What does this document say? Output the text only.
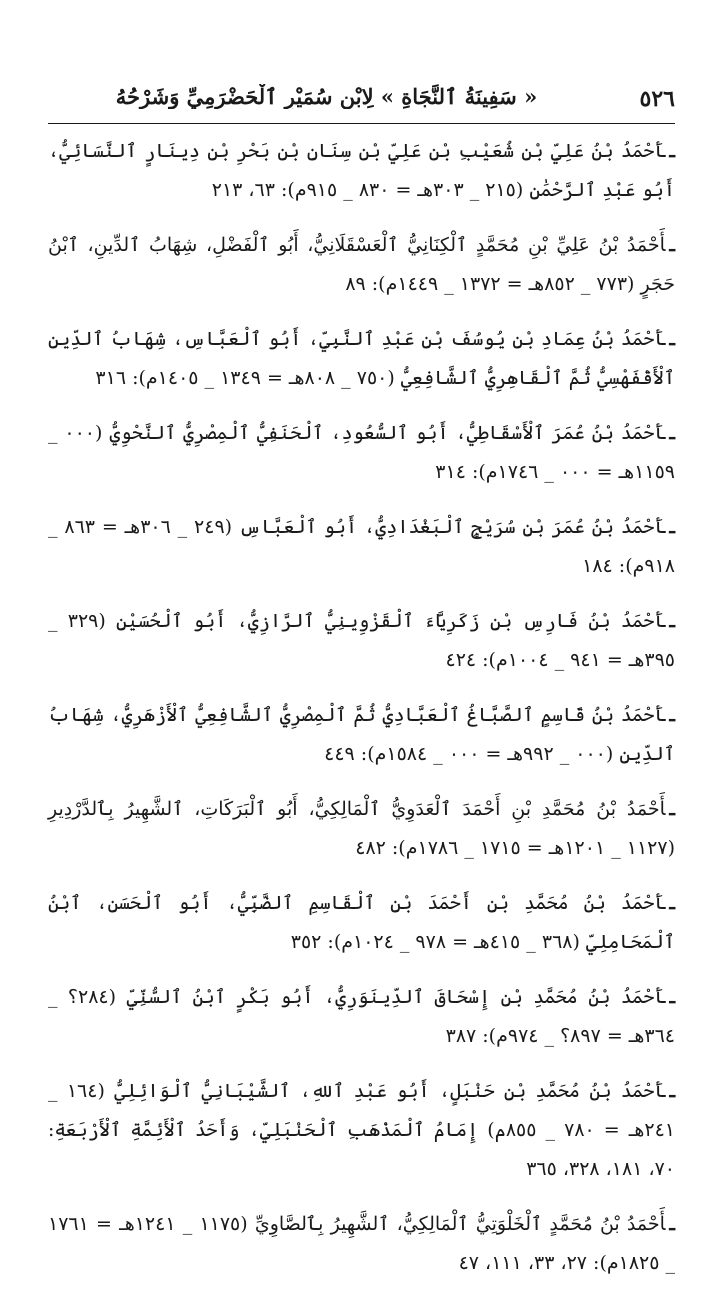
٥٢٦
« سَفِينَةُ ٱلنَّجَاةِ » لِابْنِ سُمَيْرٍ ٱلْحَضْرَمِيِّ وَشَرْحُهُ
ـأَحْمَدُ بْنُ عَلِيِّ بْنِ شُعَيْبِ بْنِ عَلِيِّ بْنِ سِنَانِ بْنِ بَحْرِ بْنِ دِينَارٍ ٱلنَّسَائِيُّ، أَبُو عَبْدِ ٱلرَّحْمَٰنِ (٢١٥ _ ٣٠٣هـ = ٨٣٠ _ ٩١٥م): ٦٣، ٢١٣
ـأَحْمَدُ بْنُ عَلِيِّ بْنِ مُحَمَّدٍ ٱلْكِنَانِيُّ ٱلْعَسْقَلَانِيُّ، أَبُو ٱلْفَضْلِ، شِهَابُ ٱلدِّينِ، ٱبْنُ حَجَرٍ (٧٧٣ _ ٨٥٢هـ = ١٣٧٢ _ ١٤٤٩م): ٨٩
ـأَحْمَدُ بْنُ عِمَادِ بْنِ يُوسُفَ بْنِ عَبْدِ ٱلنَّبِيِّ، أَبُو ٱلْعَبَّاسِ، شِهَابُ ٱلدِّينِ ٱلْأَقْفَهْسِيُّ ثُمَّ ٱلْقَاهِرِيُّ ٱلشَّافِعِيُّ (٧٥٠ _ ٨٠٨هـ = ١٣٤٩ _ ١٤٠٥م): ٣١٦
ـأَحْمَدُ بْنُ عُمَرَ ٱلْأَسْقَاطِيُّ، أَبُو ٱلسُّعُودِ، ٱلْحَنَفِيُّ ٱلْمِصْرِيُّ ٱلنَّحْوِيُّ (٠٠٠ _ ١١٥٩هـ = ٠٠٠ _ ١٧٤٦م): ٣١٤
ـأَحْمَدُ بْنُ عُمَرَ بْنِ سُرَيْجٍ ٱلْبَغْدَادِيُّ، أَبُو ٱلْعَبَّاسِ (٢٤٩ _ ٣٠٦هـ = ٨٦٣ _ ٩١٨م): ١٨٤
ـأَحْمَدُ بْنُ فَارِسِ بْنِ زَكَرِيَّاءَ ٱلْقَزْوِينِيُّ ٱلرَّازِيُّ، أَبُو ٱلْحُسَيْنِ (٣٢٩ _ ٣٩٥هـ = ٩٤١ _ ١٠٠٤م): ٤٢٤
ـأَحْمَدُ بْنُ قَاسِمٍ ٱلصَّبَّاغُ ٱلْعَبَّادِيُّ ثُمَّ ٱلْمِصْرِيُّ ٱلشَّافِعِيُّ ٱلْأَزْهَرِيُّ، شِهَابُ ٱلدِّينِ (٠٠٠ _ ٩٩٢هـ = ٠٠٠ _ ١٥٨٤م): ٤٤٩
ـأَحْمَدُ بْنُ مُحَمَّدِ بْنِ أَحْمَدَ ٱلْعَدَوِيُّ ٱلْمَالِكِيُّ، أَبُو ٱلْبَرَكَاتِ، ٱلشَّهِيرُ بِٱلدَّرْدِيرِ (١١٢٧ _ ١٢٠١هـ = ١٧١٥ _ ١٧٨٦م): ٤٨٢
ـأَحْمَدُ بْنُ مُحَمَّدِ بْنِ أَحْمَدَ بْنِ ٱلْقَاسِمِ ٱلضَّبِّيُّ، أَبُو ٱلْحَسَنِ، ٱبْنُ ٱلْمَحَامِلِيِّ (٣٦٨ _ ٤١٥هـ = ٩٧٨ _ ١٠٢٤م): ٣٥٢
ـأَحْمَدُ بْنُ مُحَمَّدِ بْنِ إِسْحَاقَ ٱلدِّينَوَرِيُّ، أَبُو بَكْرٍ ٱبْنُ ٱلسُّنِّيِّ (٢٨٤؟ _ ٣٦٤هـ = ٨٩٧؟ _ ٩٧٤م): ٣٨٧
ـأَحْمَدُ بْنُ مُحَمَّدِ بْنِ حَنْبَلٍ، أَبُو عَبْدِ ٱللهِ، ٱلشَّيْبَانِيُّ ٱلْوَائِلِيُّ (١٦٤ _ ٢٤١هـ = ٧٨٠ _ ٨٥٥م) إِمَامُ ٱلْمَذْهَبِ ٱلْحَنْبَلِيِّ، وَأَحَدُ ٱلْأَئِمَّةِ ٱلْأَرْبَعَةِ: ٧٠، ١٨١، ٣٢٨، ٣٦٥
ـأَحْمَدُ بْنُ مُحَمَّدٍ ٱلْخَلْوَتِيُّ ٱلْمَالِكِيُّ، ٱلشَّهِيرُ بِٱلصَّاوِيِّ (١١٧٥ _ ١٢٤١هـ = ١٧٦١ _ ١٨٢٥م): ٢٧، ٣٣، ١١١، ٤٧
